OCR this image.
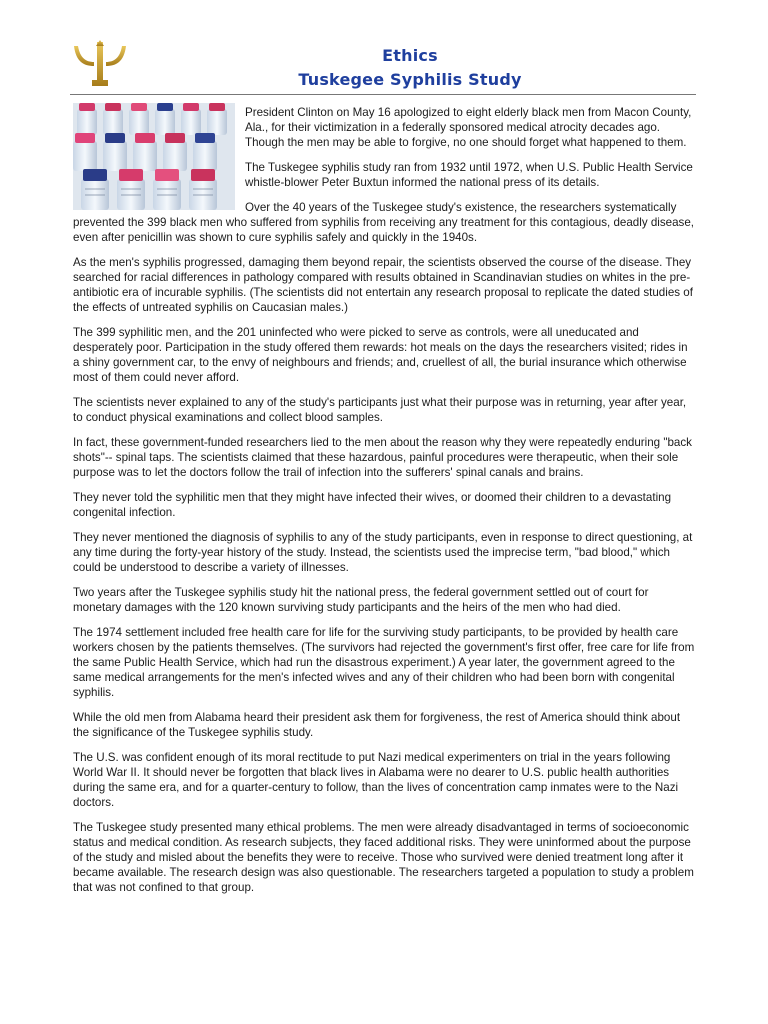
Ethics
Tuskegee Syphilis Study

President Clinton on May 16 apologized to eight elderly black men from Macon County, Ala., for their victimization in a federally sponsored medical atrocity decades ago. Though the men may be able to forgive, no one should forget what happened to them.

The Tuskegee syphilis study ran from 1932 until 1972, when U.S. Public Health Service whistle-blower Peter Buxtun informed the national press of its details.

Over the 40 years of the Tuskegee study's existence, the researchers systematically prevented the 399 black men who suffered from syphilis from receiving any treatment for this contagious, deadly disease, even after penicillin was shown to cure syphilis safely and quickly in the 1940s.

As the men's syphilis progressed, damaging them beyond repair, the scientists observed the course of the disease. They searched for racial differences in pathology compared with results obtained in Scandinavian studies on whites in the pre-antibiotic era of incurable syphilis. (The scientists did not entertain any research proposal to replicate the dated studies of the effects of untreated syphilis on Caucasian males.)

The 399 syphilitic men, and the 201 uninfected who were picked to serve as controls, were all uneducated and desperately poor. Participation in the study offered them rewards: hot meals on the days the researchers visited; rides in a shiny government car, to the envy of neighbours and friends; and, cruellest of all, the burial insurance which otherwise most of them could never afford.

The scientists never explained to any of the study's participants just what their purpose was in returning, year after year, to conduct physical examinations and collect blood samples.

In fact, these government-funded researchers lied to the men about the reason why they were repeatedly enduring "back shots"-- spinal taps. The scientists claimed that these hazardous, painful procedures were therapeutic, when their sole purpose was to let the doctors follow the trail of infection into the sufferers' spinal canals and brains.

They never told the syphilitic men that they might have infected their wives, or doomed their children to a devastating congenital infection.

They never mentioned the diagnosis of syphilis to any of the study participants, even in response to direct questioning, at any time during the forty-year history of the study. Instead, the scientists used the imprecise term, "bad blood," which could be understood to describe a variety of illnesses.

Two years after the Tuskegee syphilis study hit the national press, the federal government settled out of court for monetary damages with the 120 known surviving study participants and the heirs of the men who had died.

The 1974 settlement included free health care for life for the surviving study participants, to be provided by health care workers chosen by the patients themselves. (The survivors had rejected the government's first offer, free care for life from the same Public Health Service, which had run the disastrous experiment.) A year later, the government agreed to the same medical arrangements for the men's infected wives and any of their children who had been born with congenital syphilis.

While the old men from Alabama heard their president ask them for forgiveness, the rest of America should think about the significance of the Tuskegee syphilis study.

The U.S. was confident enough of its moral rectitude to put Nazi medical experimenters on trial in the years following World War II. It should never be forgotten that black lives in Alabama were no dearer to U.S. public health authorities during the same era, and for a quarter-century to follow, than the lives of concentration camp inmates were to the Nazi doctors.

The Tuskegee study presented many ethical problems. The men were already disadvantaged in terms of socioeconomic status and medical condition. As research subjects, they faced additional risks. They were uninformed about the purpose of the study and misled about the benefits they were to receive. Those who survived were denied treatment long after it became available. The research design was also questionable. The researchers targeted a population to study a problem that was not confined to that group.
